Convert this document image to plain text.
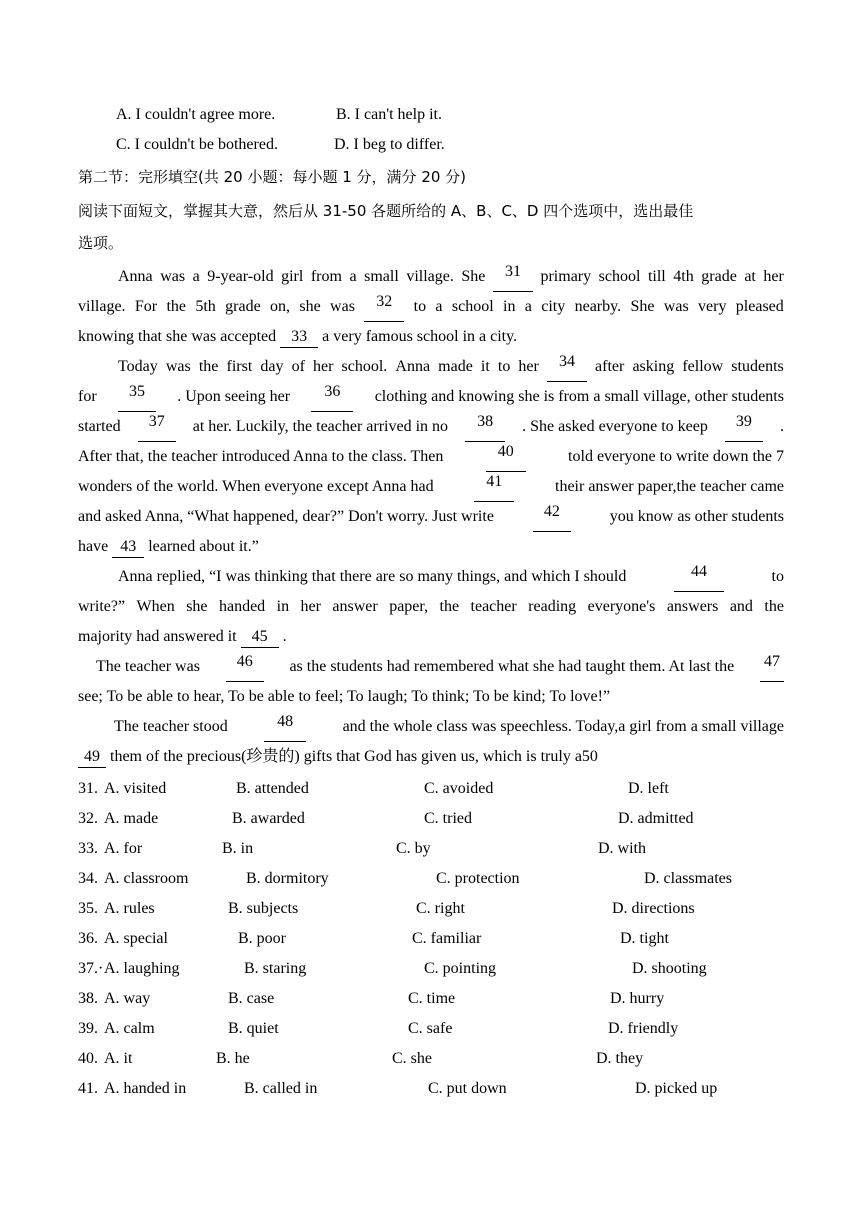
A. I couldn't agree more.	B. I can't help it.
C. I couldn't be bothered.	D. I beg to differ.
第二节：完形填空(共 20 小题：每小题 1 分，满分 20 分)
阅读下面短文，掌握其大意，然后从 31-50 各题所给的 A、B、C、D 四个选项中，选出最佳
选项。
Anna was a 9-year-old girl from a small village. She	31	primary school till 4th grade at her
village. For the 5th grade on, she was	32	to a school in a city nearby. She was very pleased
knowing that she was accepted 33 a very famous school in a city.
Today was the first day of her school. Anna made it to her	34	after asking fellow students
for	35	. Upon seeing her	36	clothing and knowing she is from a small village, other students
started	37	at her. Luckily, the teacher arrived in no	38	. She asked everyone to keep	39	.
After that, the teacher introduced Anna to the class. Then	40	told everyone to write down the 7
wonders of the world. When everyone except Anna had	41	their answer paper,the teacher came
and asked Anna, “What happened, dear?” Don't worry. Just write	42	you know as other students
have 43 learned about it.”
Anna replied, “I was thinking that there are so many things, and which I should	44	to
write?” When she handed in her answer paper, the teacher reading everyone's answers and the
majority had answered it 45 .
The teacher was	46	as the students had remembered what she had taught them. At last the 47
see; To be able to hear, To be able to feel; To laugh; To think; To be kind; To love!”
The teacher stood	48	and the whole class was speechless. Today,a girl from a small village
49 them of the precious(珍贵的) gifts that God has given us, which is truly a50
31. A. visited	B. attended	C. avoided	D. left
32. A. made	B. awarded	C. tried	D. admitted
33. A. for	B. in	C. by	D. with
34. A. classroom	B. dormitory	C. protection	D. classmates
35. A. rules	B. subjects	C. right	D. directions
36. A. special	B. poor	C. familiar	D. tight
37.· A. laughing	B. staring	C. pointing	D. shooting
38. A. way	B. case	C. time	D. hurry
39. A. calm	B. quiet	C. safe	D. friendly
40. A. it	B. he	C. she	D. they
41. A. handed in	B. called in	C. put down	D. picked up
